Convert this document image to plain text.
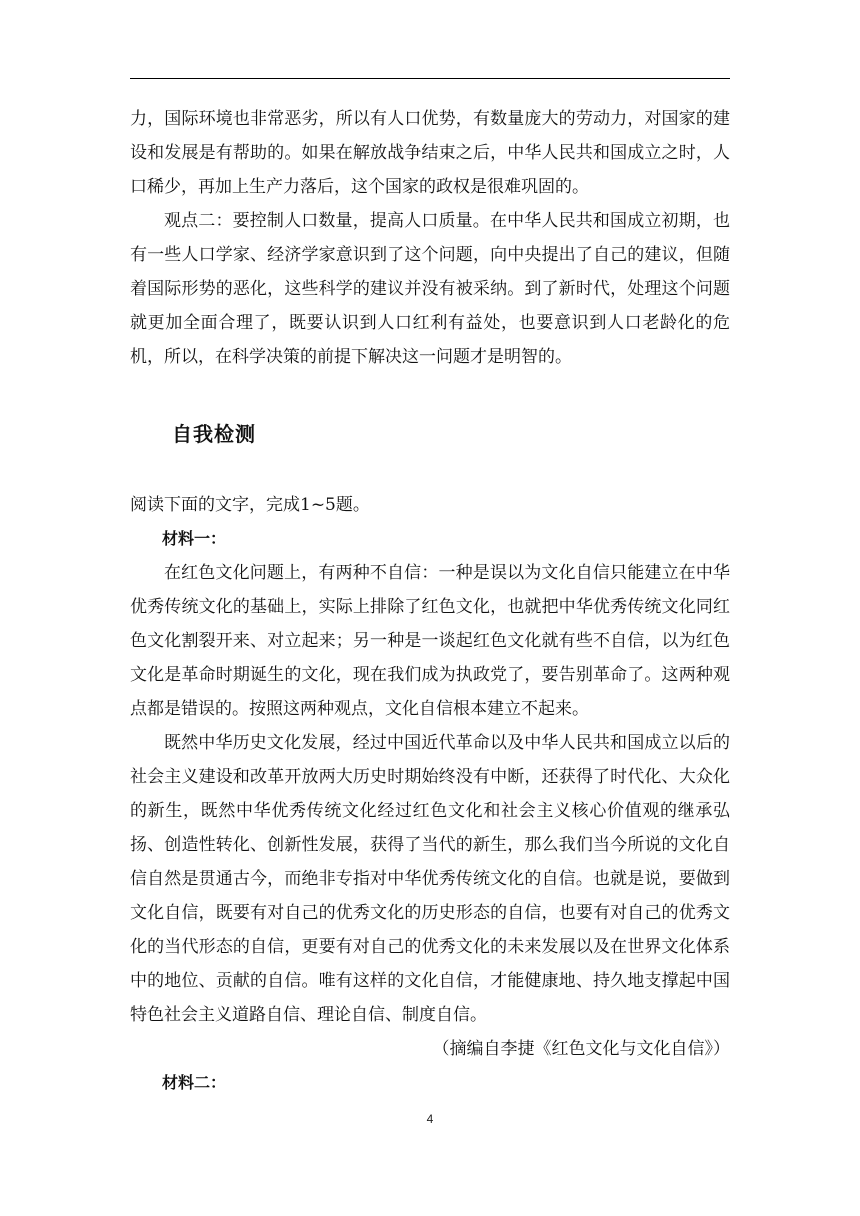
力，国际环境也非常恶劣，所以有人口优势，有数量庞大的劳动力，对国家的建设和发展是有帮助的。如果在解放战争结束之后，中华人民共和国成立之时，人口稀少，再加上生产力落后，这个国家的政权是很难巩固的。

观点二：要控制人口数量，提高人口质量。在中华人民共和国成立初期，也有一些人口学家、经济学家意识到了这个问题，向中央提出了自己的建议，但随着国际形势的恶化，这些科学的建议并没有被采纳。到了新时代，处理这个问题就更加全面合理了，既要认识到人口红利有益处，也要意识到人口老龄化的危机，所以，在科学决策的前提下解决这一问题才是明智的。

自我检测

阅读下面的文字，完成1~5题。

材料一：

在红色文化问题上，有两种不自信：一种是误以为文化自信只能建立在中华优秀传统文化的基础上，实际上排除了红色文化，也就把中华优秀传统文化同红色文化割裂开来、对立起来；另一种是一谈起红色文化就有些不自信，以为红色文化是革命时期诞生的文化，现在我们成为执政党了，要告别革命了。这两种观点都是错误的。按照这两种观点，文化自信根本建立不起来。

既然中华历史文化发展，经过中国近代革命以及中华人民共和国成立以后的社会主义建设和改革开放两大历史时期始终没有中断，还获得了时代化、大众化的新生，既然中华优秀传统文化经过红色文化和社会主义核心价值观的继承弘扬、创造性转化、创新性发展，获得了当代的新生，那么我们当今所说的文化自信自然是贯通古今，而绝非专指对中华优秀传统文化的自信。也就是说，要做到文化自信，既要有对自己的优秀文化的历史形态的自信，也要有对自己的优秀文化的当代形态的自信，更要有对自己的优秀文化的未来发展以及在世界文化体系中的地位、贡献的自信。唯有这样的文化自信，才能健康地、持久地支撑起中国特色社会主义道路自信、理论自信、制度自信。

（摘编自李捷《红色文化与文化自信》）

材料二：

4
